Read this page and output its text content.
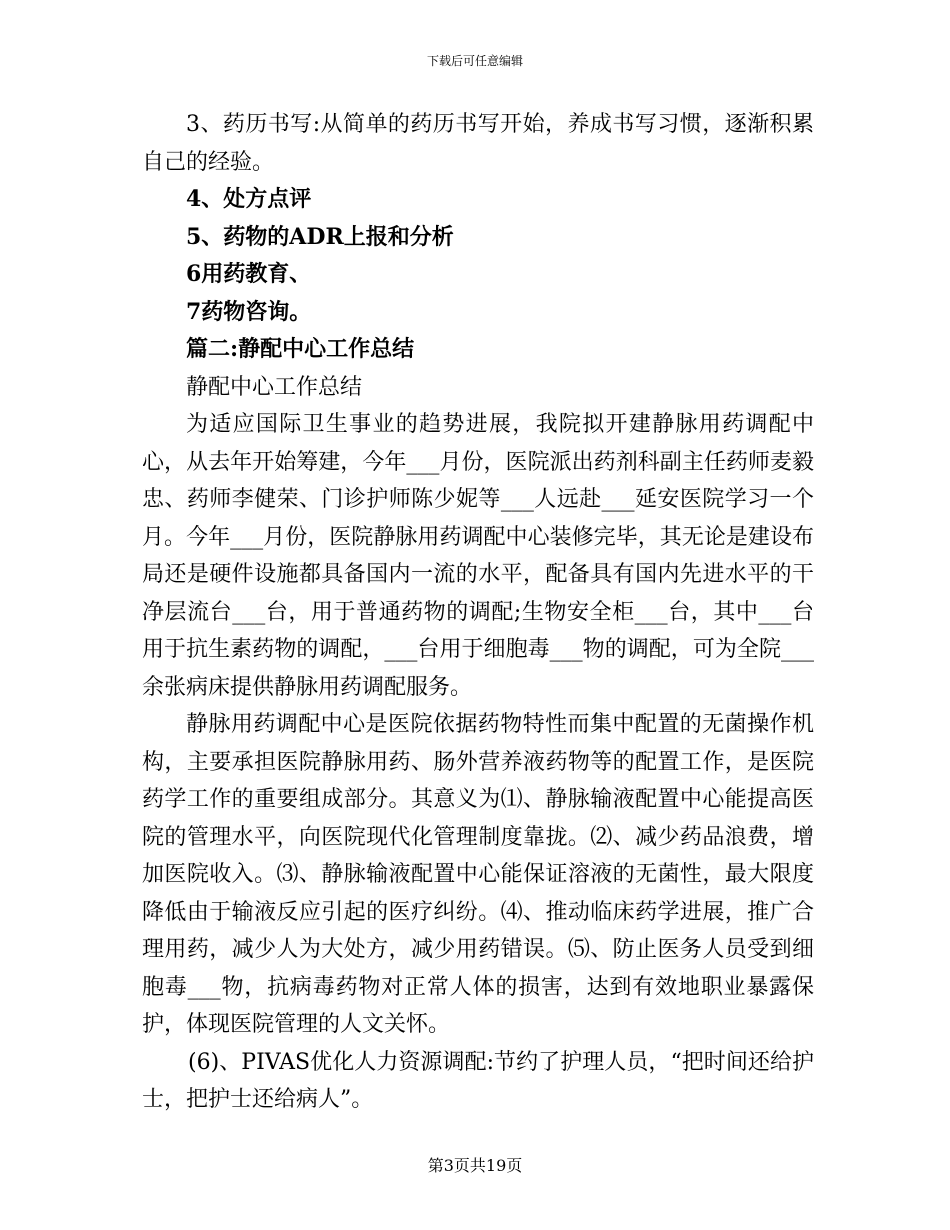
下载后可任意编辑

3、药历书写:从简单的药历书写开始，养成书写习惯，逐渐积累自己的经验。

4、处方点评

5、药物的ADR上报和分析

6用药教育、

7药物咨询。

篇二:静配中心工作总结

静配中心工作总结

为适应国际卫生事业的趋势进展，我院拟开建静脉用药调配中心，从去年开始筹建，今年___月份，医院派出药剂科副主任药师麦毅忠、药师李健荣、门诊护师陈少妮等___人远赴___延安医院学习一个月。今年___月份，医院静脉用药调配中心装修完毕，其无论是建设布局还是硬件设施都具备国内一流的水平，配备具有国内先进水平的干净层流台___台，用于普通药物的调配;生物安全柜___台，其中___台用于抗生素药物的调配，___台用于细胞毒___物的调配，可为全院___余张病床提供静脉用药调配服务。

静脉用药调配中心是医院依据药物特性而集中配置的无菌操作机构，主要承担医院静脉用药、肠外营养液药物等的配置工作，是医院药学工作的重要组成部分。其意义为⑴、静脉输液配置中心能提高医院的管理水平，向医院现代化管理制度靠拢。⑵、减少药品浪费，增加医院收入。⑶、静脉输液配置中心能保证溶液的无菌性，最大限度降低由于输液反应引起的医疗纠纷。⑷、推动临床药学进展，推广合理用药，减少人为大处方，减少用药错误。⑸、防止医务人员受到细胞毒___物，抗病毒药物对正常人体的损害，达到有效地职业暴露保护，体现医院管理的人文关怀。

(6)、PIVAS优化人力资源调配:节约了护理人员，“把时间还给护士，把护士还给病人”。

第3页共19页
